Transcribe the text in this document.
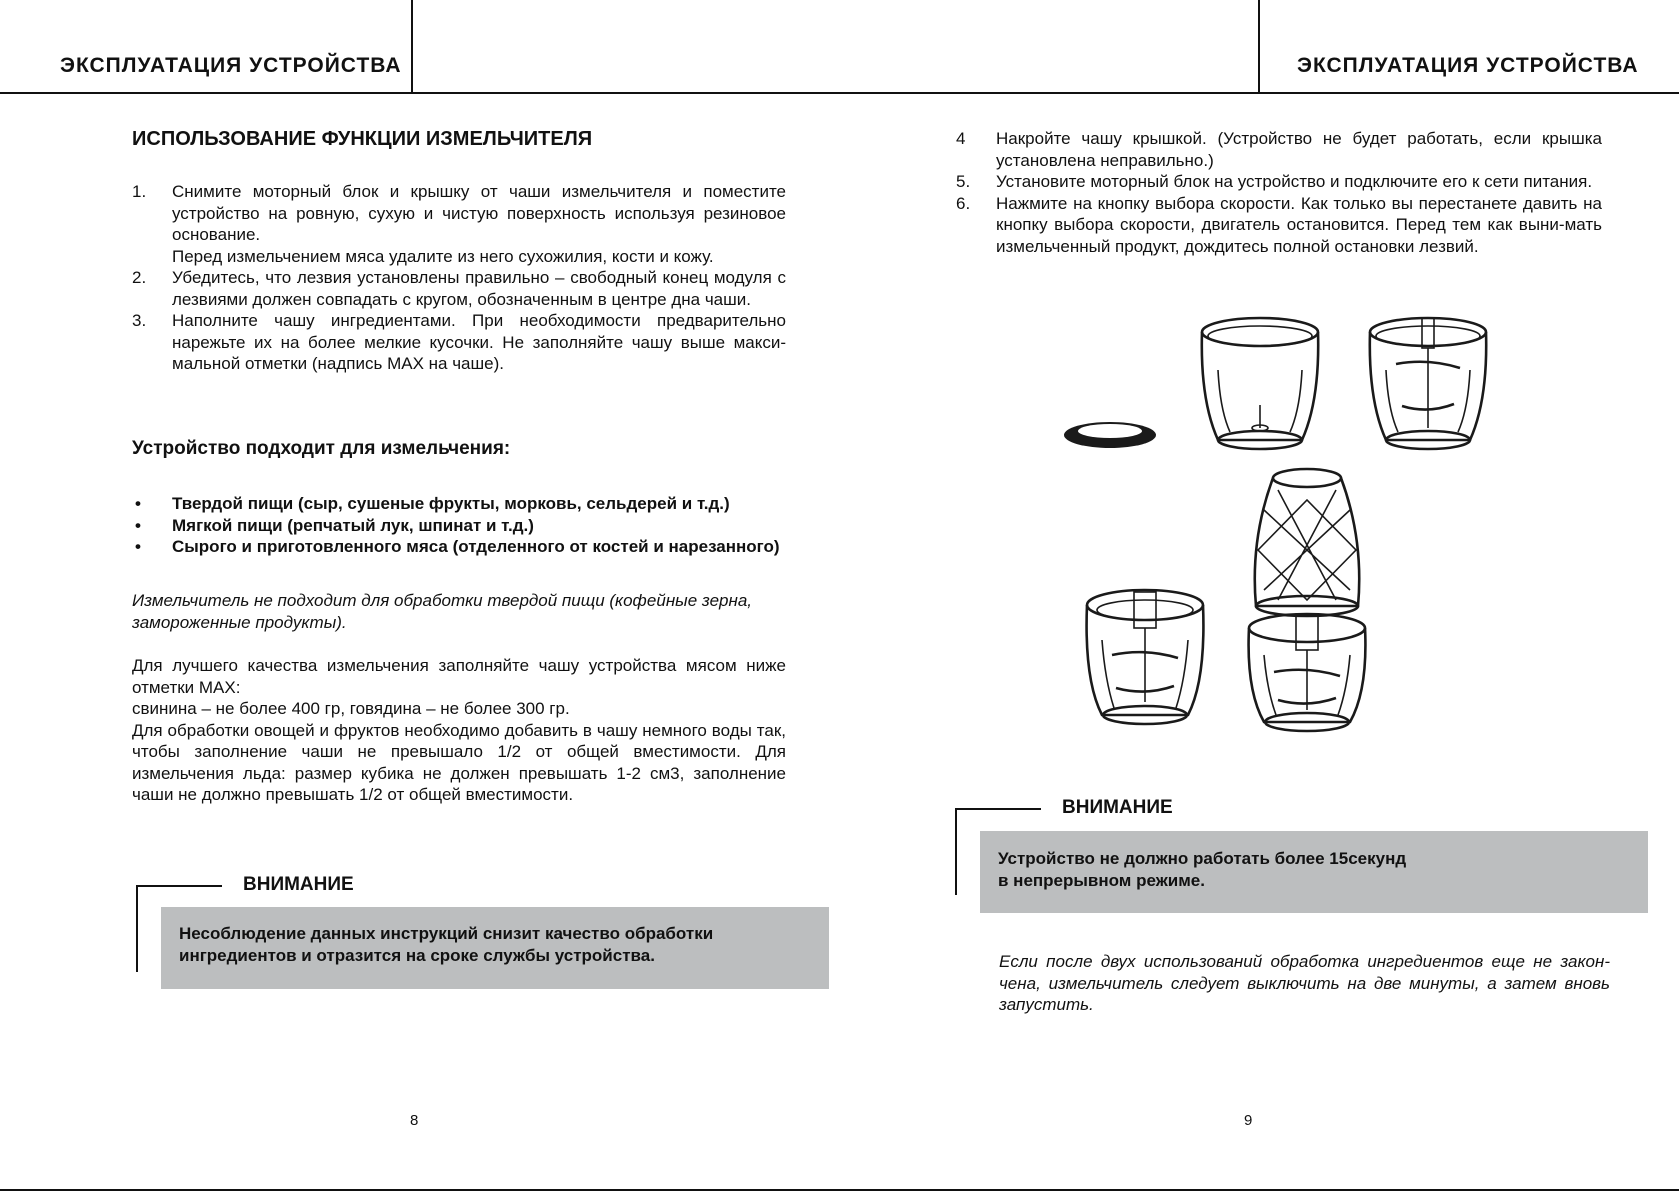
ЭКСПЛУАТАЦИЯ УСТРОЙСТВА	ЭКСПЛУАТАЦИЯ УСТРОЙСТВА
ИСПОЛЬЗОВАНИЕ ФУНКЦИИ ИЗМЕЛЬЧИТЕЛЯ
1. Снимите моторный блок и крышку от чаши измельчителя и поместите устройство на ровную, сухую и чистую поверхность используя резиновое основание.
Перед измельчением мяса удалите из него сухожилия, кости и кожу.
2. Убедитесь, что лезвия установлены правильно – свободный конец модуля с лезвиями должен совпадать с кругом, обозначенным в центре дна чаши.
3. Наполните чашу ингредиентами. При необходимости предварительно нарежьте их на более мелкие кусочки. Не заполняйте чашу выше макси-мальной отметки (надпись MAX на чаше).
Устройство подходит для измельчения:
• Твердой пищи (сыр, сушеные фрукты, морковь, сельдерей и т.д.)
• Мягкой пищи (репчатый лук, шпинат и т.д.)
• Сырого и приготовленного мяса (отделенного от костей и нарезанного)
Измельчитель не подходит для обработки твердой пищи (кофейные зерна, замороженные продукты).
Для лучшего качества измельчения заполняйте чашу устройства мясом ниже отметки MAX:
свинина – не более 400 гр, говядина – не более 300 гр.
Для обработки овощей и фруктов необходимо добавить в чашу немного воды так, чтобы заполнение чаши не превышало 1/2 от общей вместимости. Для измельчения льда: размер кубика не должен превышать 1-2 см3, заполнение чаши не должно превышать 1/2 от общей вместимости.
ВНИМАНИЕ
Несоблюдение данных инструкций снизит качество обработки ингредиентов и отразится на сроке службы устройства.
8
4 Накройте чашу крышкой. (Устройство не будет работать, если крышка установлена неправильно.)
5. Установите моторный блок на устройство и подключите его к сети питания.
6. Нажмите на кнопку выбора скорости. Как только вы перестанете давить на кнопку выбора скорости, двигатель остановится. Перед тем как выни-мать измельченный продукт, дождитесь полной остановки лезвий.
ВНИМАНИЕ
Устройство не должно работать более 15секунд
в непрерывном режиме.
Если после двух использований обработка ингредиентов еще не закон-чена, измельчитель следует выключить на две минуты, а затем вновь запустить.
9
